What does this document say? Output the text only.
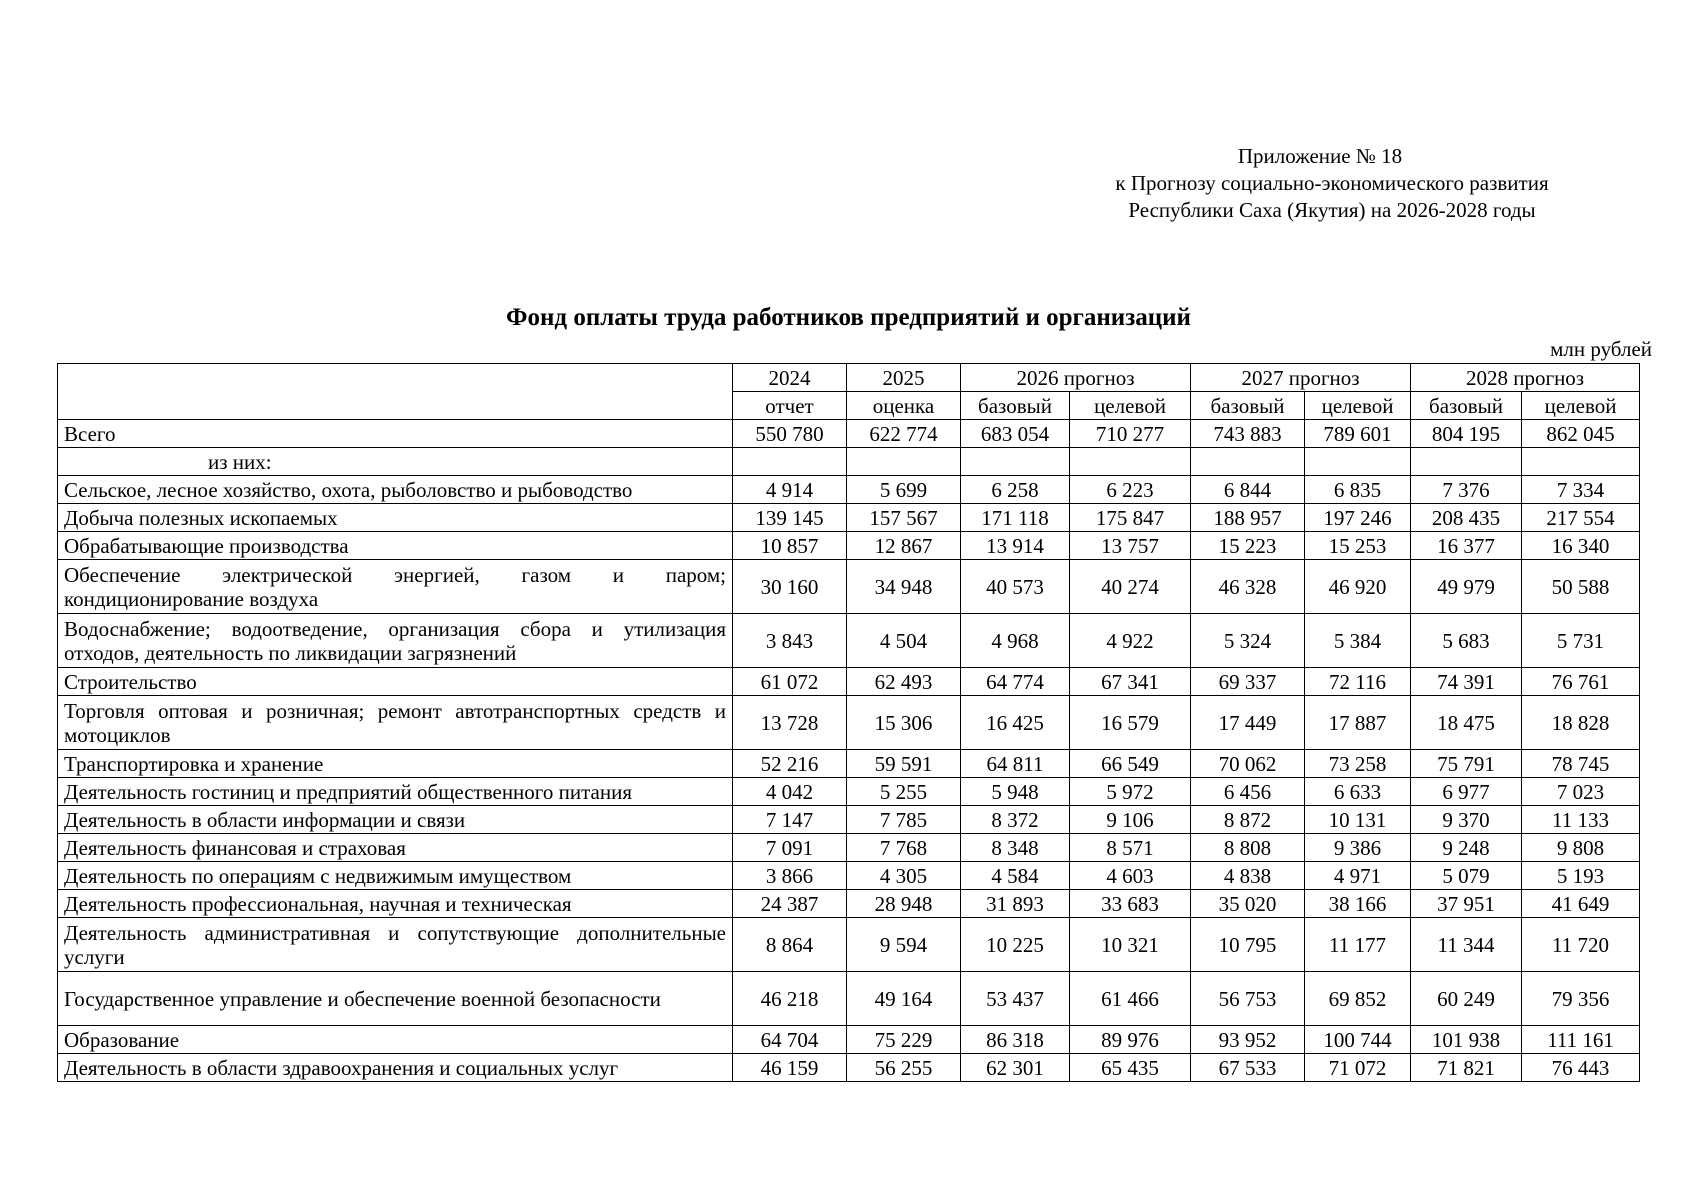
Приложение № 18
к Прогнозу социально-экономического развития
Республики Саха (Якутия) на 2026-2028 годы
Фонд оплаты труда работников предприятий и организаций
млн рублей
	2024	2025	2026 прогноз		2027 прогноз		2028 прогноз	
	отчет	оценка	базовый	целевой	базовый	целевой	базовый	целевой
Всего	550 780	622 774	683 054	710 277	743 883	789 601	804 195	862 045
из них:								
Сельское, лесное хозяйство, охота, рыболовство и рыбоводство	4 914	5 699	6 258	6 223	6 844	6 835	7 376	7 334
Добыча полезных ископаемых	139 145	157 567	171 118	175 847	188 957	197 246	208 435	217 554
Обрабатывающие производства	10 857	12 867	13 914	13 757	15 223	15 253	16 377	16 340
Обеспечение электрической энергией, газом и паром; кондиционирование воздуха	30 160	34 948	40 573	40 274	46 328	46 920	49 979	50 588
Водоснабжение; водоотведение, организация сбора и утилизация отходов, деятельность по ликвидации загрязнений	3 843	4 504	4 968	4 922	5 324	5 384	5 683	5 731
Строительство	61 072	62 493	64 774	67 341	69 337	72 116	74 391	76 761
Торговля оптовая и розничная; ремонт автотранспортных средств и мотоциклов	13 728	15 306	16 425	16 579	17 449	17 887	18 475	18 828
Транспортировка и хранение	52 216	59 591	64 811	66 549	70 062	73 258	75 791	78 745
Деятельность гостиниц и предприятий общественного питания	4 042	5 255	5 948	5 972	6 456	6 633	6 977	7 023
Деятельность в области информации и связи	7 147	7 785	8 372	9 106	8 872	10 131	9 370	11 133
Деятельность финансовая и страховая	7 091	7 768	8 348	8 571	8 808	9 386	9 248	9 808
Деятельность по операциям с недвижимым имуществом	3 866	4 305	4 584	4 603	4 838	4 971	5 079	5 193
Деятельность профессиональная, научная и техническая	24 387	28 948	31 893	33 683	35 020	38 166	37 951	41 649
Деятельность административная и сопутствующие дополнительные услуги	8 864	9 594	10 225	10 321	10 795	11 177	11 344	11 720
Государственное управление и обеспечение военной безопасности	46 218	49 164	53 437	61 466	56 753	69 852	60 249	79 356
Образование	64 704	75 229	86 318	89 976	93 952	100 744	101 938	111 161
Деятельность в области здравоохранения и социальных услуг	46 159	56 255	62 301	65 435	67 533	71 072	71 821	76 443
